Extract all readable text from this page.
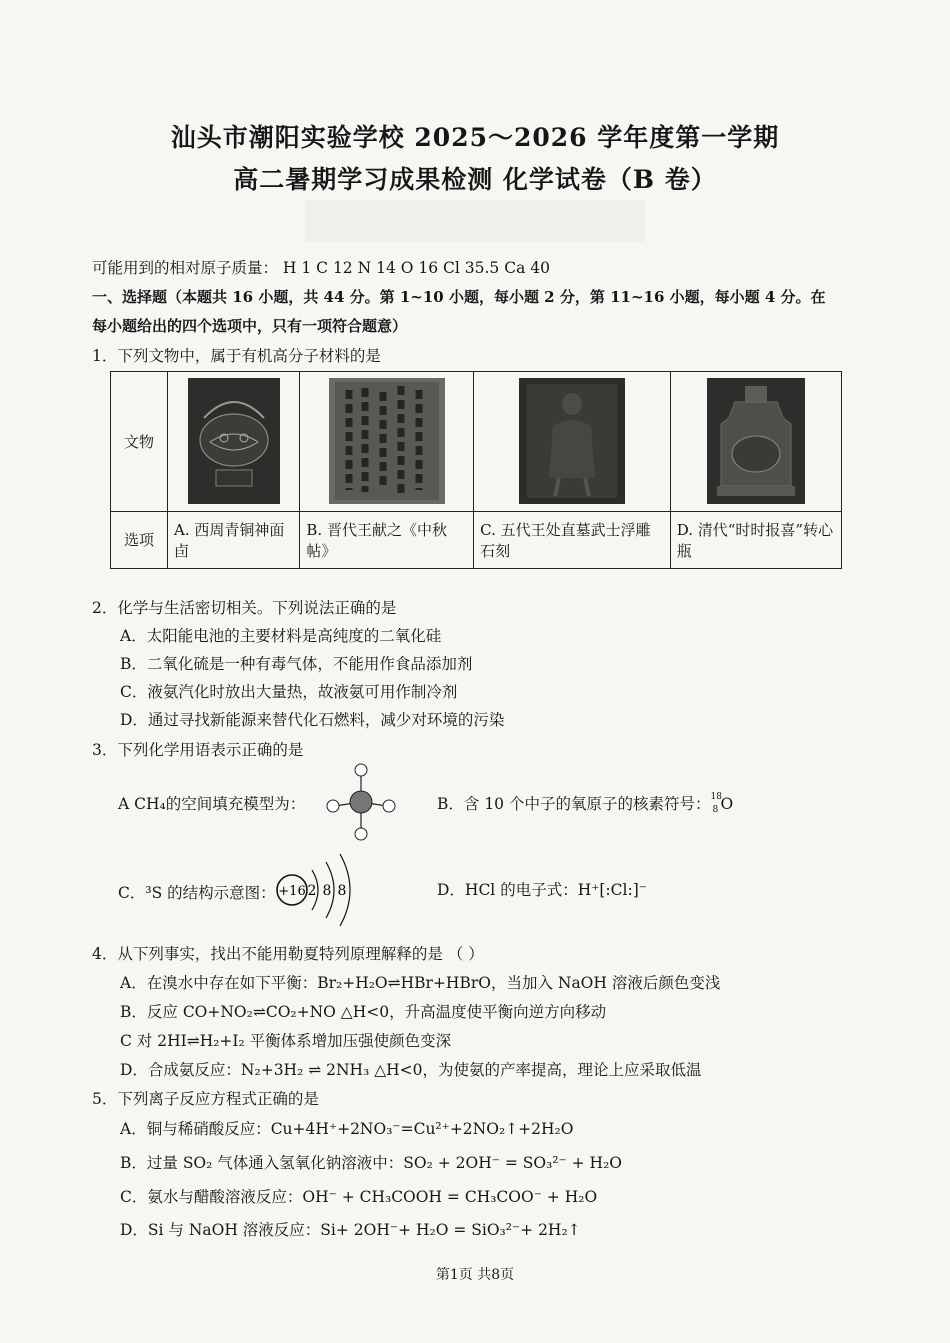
汕头市潮阳实验学校 2025～2026 学年度第一学期
高二暑期学习成果检测 化学试卷（B 卷）
可能用到的相对原子质量： H 1 C 12 N 14 O 16 Cl 35.5 Ca 40
一、选择题（本题共 16 小题，共 44 分。第 1~10 小题，每小题 2 分，第 11~16 小题，每小题 4 分。在
每小题给出的四个选项中，只有一项符合题意）
1．下列文物中，属于有机高分子材料的是
文物	

选项	A. 西周青铜神面卣	B. 晋代王献之《中秋帖》	C. 五代王处直墓武士浮雕石刻	D. 清代“时时报喜”转心瓶
2．化学与生活密切相关。下列说法正确的是
A．太阳能电池的主要材料是高纯度的二氧化硅
B．二氧化硫是一种有毒气体，不能用作食品添加剂
C．液氨汽化时放出大量热，故液氨可用作制冷剂
D．通过寻找新能源来替代化石燃料，减少对环境的污染
3．下列化学用语表示正确的是
A CH₄的空间填充模型为：	B．含 10 个中子的氧原子的核素符号： 18
8 O
C．³S 的结构示意图： +16 2 8 8	D．HCl 的电子式：H⁺[:Cl:]⁻
4．从下列事实，找出不能用勒夏特列原理解释的是 （ ）
A．在溴水中存在如下平衡：Br₂+H₂O⇌HBr+HBrO，当加入 NaOH 溶液后颜色变浅
B．反应 CO+NO₂⇌CO₂+NO △H<0，升高温度使平衡向逆方向移动
C 对 2HI⇌H₂+I₂ 平衡体系增加压强使颜色变深
D．合成氨反应：N₂+3H₂ ⇌ 2NH₃ △H<0，为使氨的产率提高，理论上应采取低温
5．下列离子反应方程式正确的是
A．铜与稀硝酸反应：Cu+4H⁺+2NO₃⁻=Cu²⁺+2NO₂↑+2H₂O
B．过量 SO₂ 气体通入氢氧化钠溶液中：SO₂ + 2OH⁻ = SO₃²⁻ + H₂O
C．氨水与醋酸溶液反应：OH⁻ + CH₃COOH = CH₃COO⁻ + H₂O
D．Si 与 NaOH 溶液反应：Si+ 2OH⁻+ H₂O = SiO₃²⁻+ 2H₂↑
第1页 共8页
